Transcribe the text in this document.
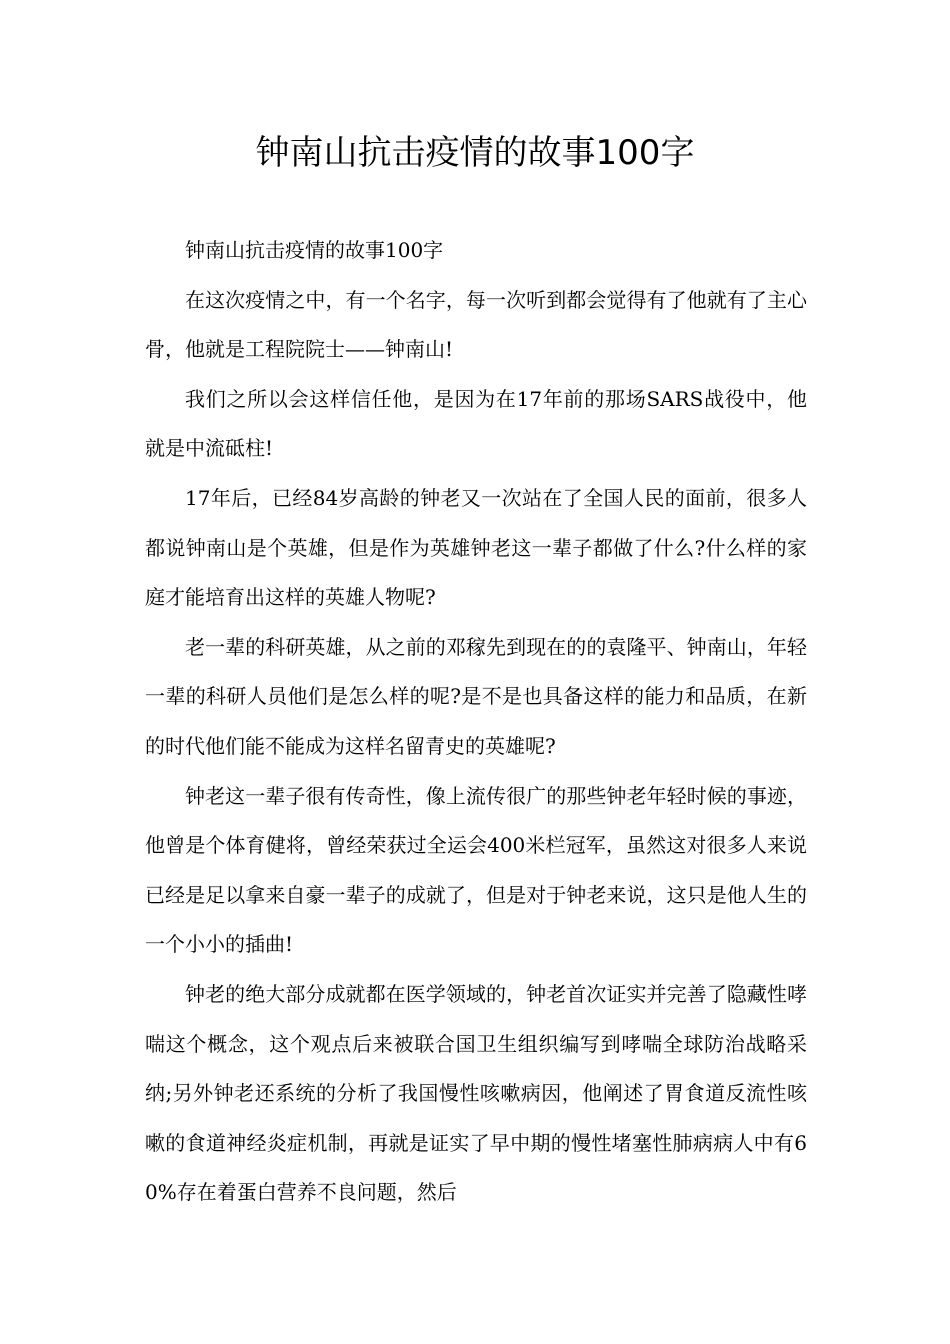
钟南山抗击疫情的故事100字

钟南山抗击疫情的故事100字

在这次疫情之中，有一个名字，每一次听到都会觉得有了他就有了主心骨，他就是工程院院士——钟南山!

我们之所以会这样信任他，是因为在17年前的那场SARS战役中，他就是中流砥柱!

17年后，已经84岁高龄的钟老又一次站在了全国人民的面前，很多人都说钟南山是个英雄，但是作为英雄钟老这一辈子都做了什么?什么样的家庭才能培育出这样的英雄人物呢?

老一辈的科研英雄，从之前的邓稼先到现在的的袁隆平、钟南山，年轻一辈的科研人员他们是怎么样的呢?是不是也具备这样的能力和品质，在新的时代他们能不能成为这样名留青史的英雄呢?

钟老这一辈子很有传奇性，像上流传很广的那些钟老年轻时候的事迹，他曾是个体育健将，曾经荣获过全运会400米栏冠军，虽然这对很多人来说已经是足以拿来自豪一辈子的成就了，但是对于钟老来说，这只是他人生的一个小小的插曲!

钟老的绝大部分成就都在医学领域的，钟老首次证实并完善了隐藏性哮喘这个概念，这个观点后来被联合国卫生组织编写到哮喘全球防治战略采纳;另外钟老还系统的分析了我国慢性咳嗽病因，他阐述了胃食道反流性咳嗽的食道神经炎症机制，再就是证实了早中期的慢性堵塞性肺病病人中有60%存在着蛋白营养不良问题，然后
